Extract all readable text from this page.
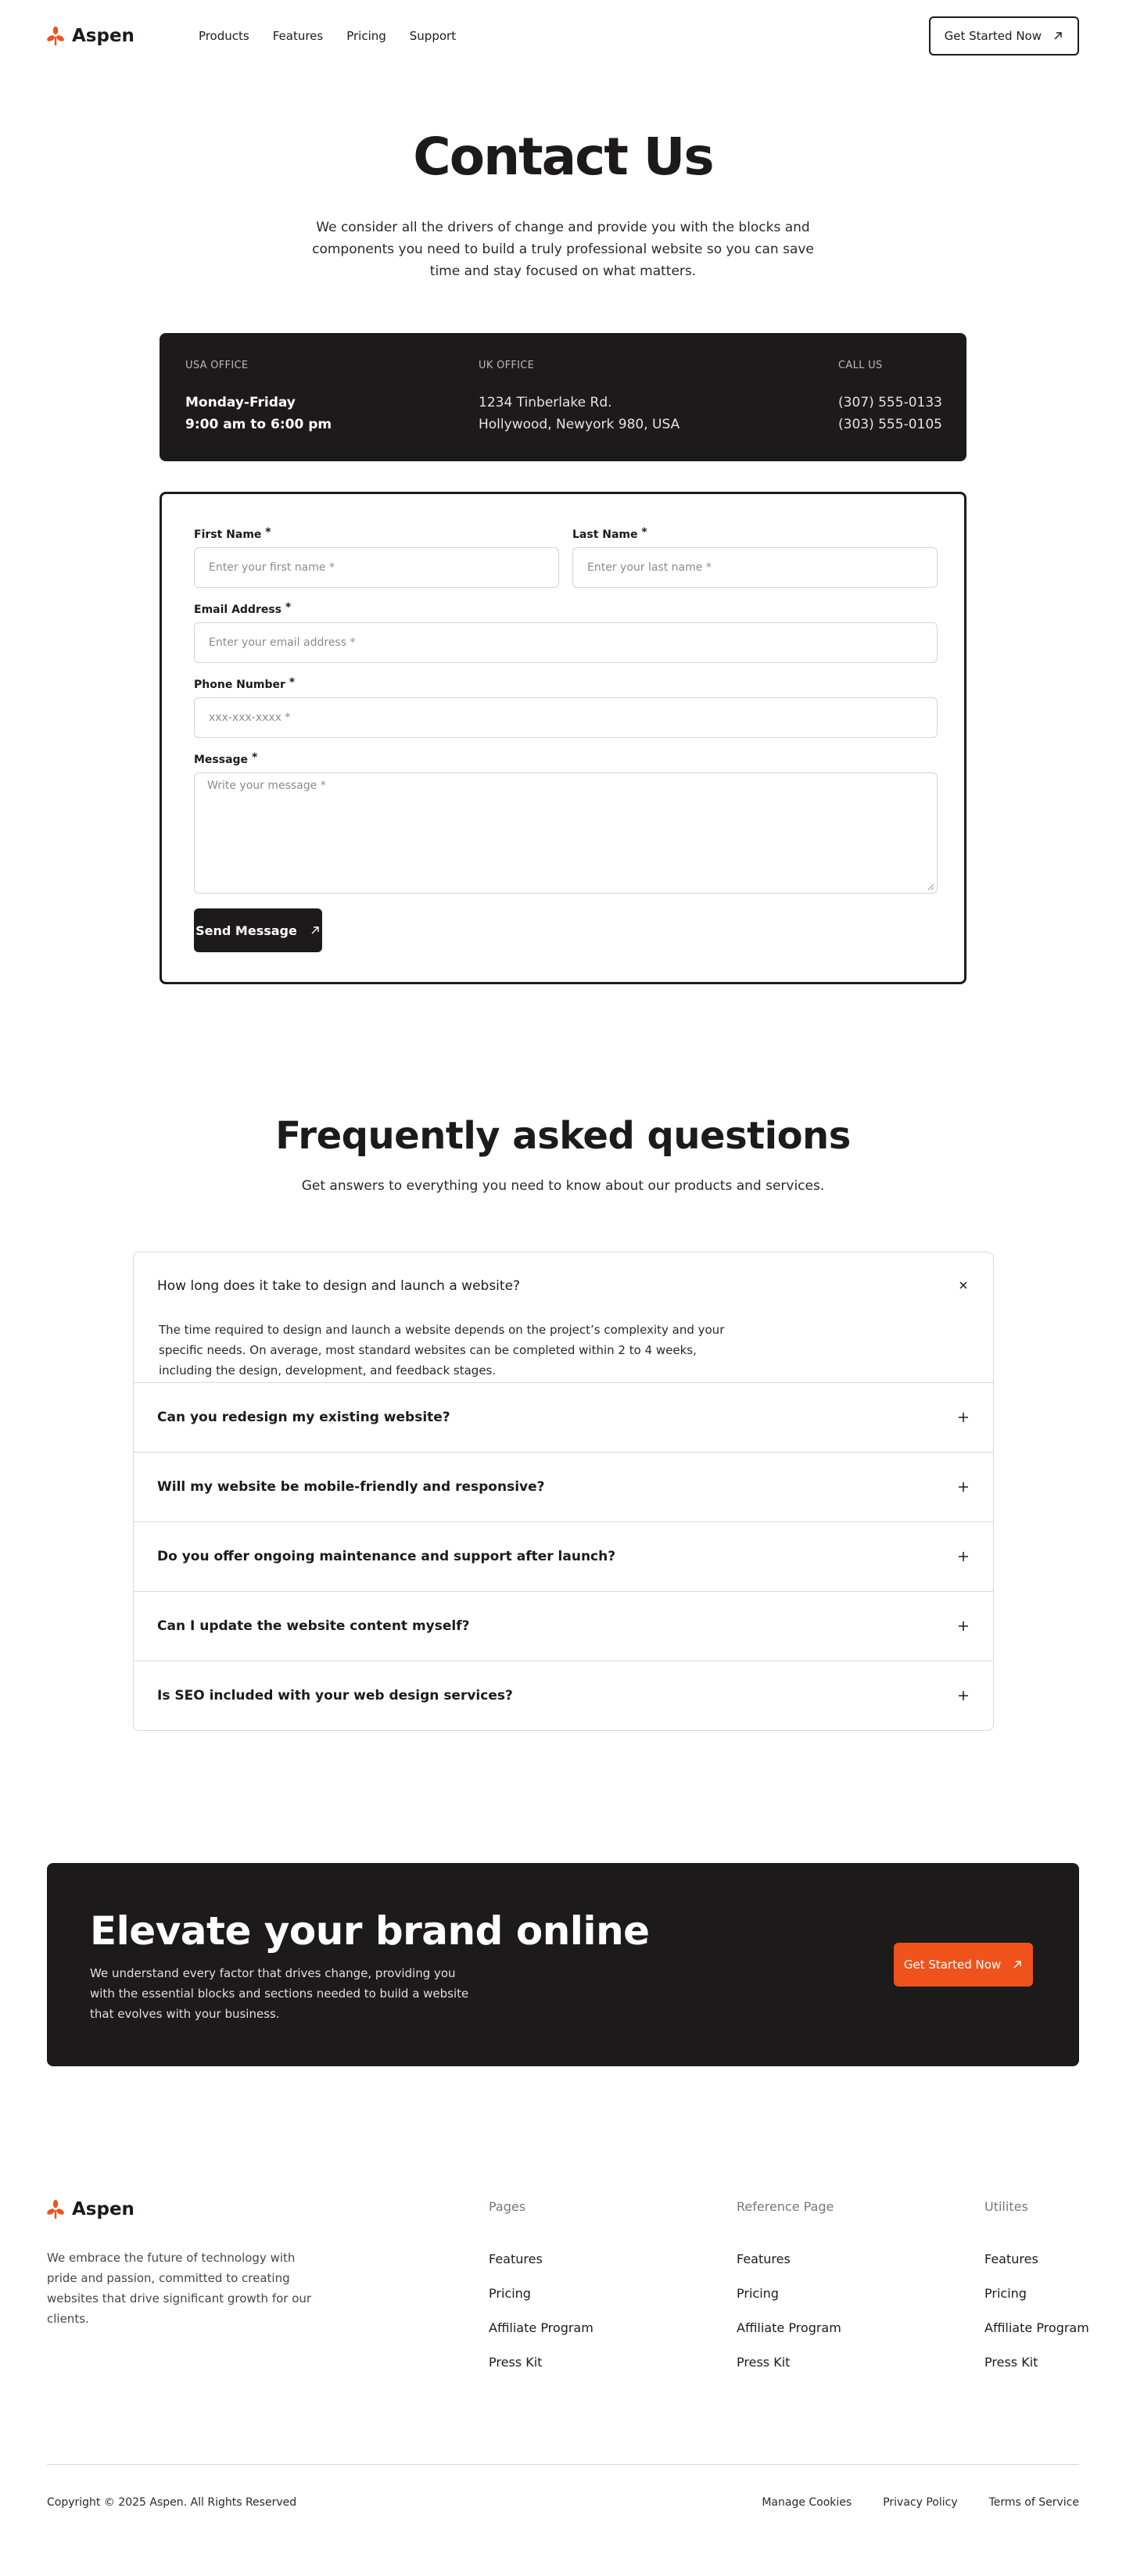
Aspen	Products Features Pricing Support	Get Started Now
Contact Us

We consider all the drivers of change and provide you with the blocks and components you need to build a truly professional website so you can save time and stay focused on what matters.

USA OFFICE
Monday-Friday
9:00 am to 6:00 pm
UK OFFICE
1234 Tinberlake Rd.
Hollywood, Newyork 980, USA
CALL US
(307) 555-0133
(303) 555-0105
First Name *
Enter your first name *
Last Name *
Enter your last name *
Email Address *
Enter your email address *
Phone Number *
xxx-xxx-xxxx *
Message *
Write your message *
Send Message
Frequently asked questions

Get answers to everything you need to know about our products and services.

How long does it take to design and launch a website?
The time required to design and launch a website depends on the project’s complexity and your specific needs. On average, most standard websites can be completed within 2 to 4 weeks, including the design, development, and feedback stages.
Can you redesign my existing website?
Will my website be mobile-friendly and responsive?
Do you offer ongoing maintenance and support after launch?
Can I update the website content myself?
Is SEO included with your web design services?
Elevate your brand online

We understand every factor that drives change, providing you with the essential blocks and sections needed to build a website that evolves with your business.

Get Started Now
Aspen

We embrace the future of technology with pride and passion, committed to creating websites that drive significant growth for our clients.

Pages
Features
Pricing
Affiliate Program
Press Kit
Reference Page
Features
Pricing
Affiliate Program
Press Kit
Utilites
Features
Pricing
Affiliate Program
Press Kit
Copyright © 2025 Aspen. All Rights Reserved	Manage Cookies	Privacy Policy	Terms of Service
